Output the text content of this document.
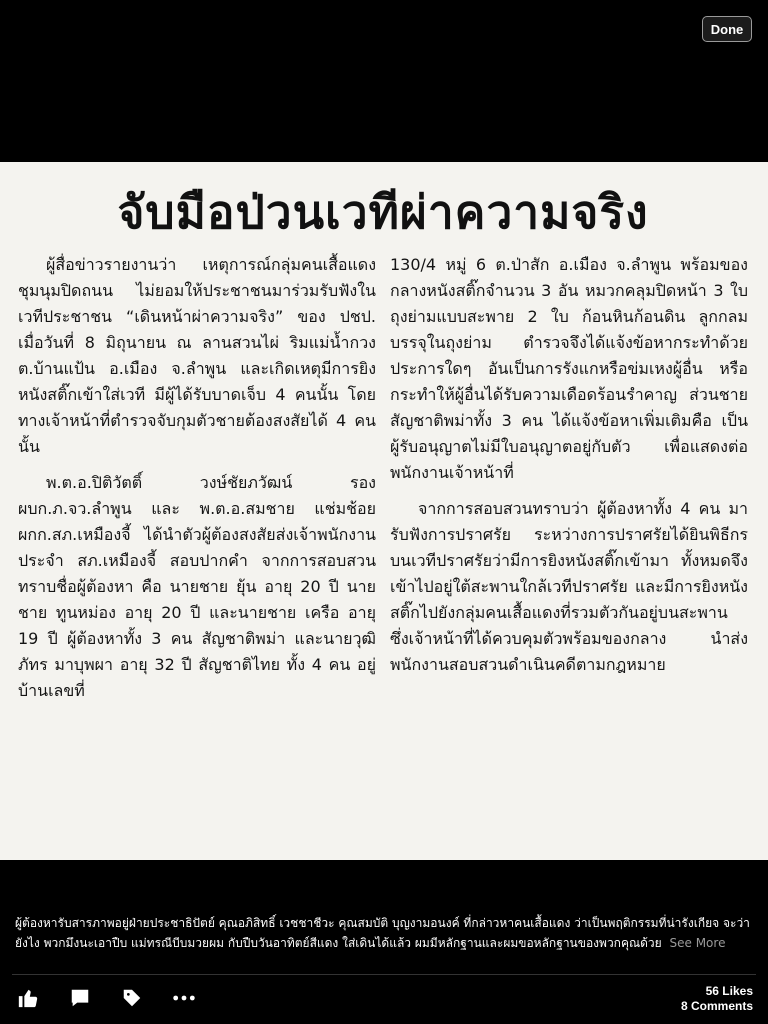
Done
จับมือป่วนเวทีผ่าความจริง

ผู้สื่อข่าวรายงานว่า เหตุการณ์กลุ่มคนเสื้อแดงชุมนุมปิดถนน ไม่ยอมให้ประชาชนมาร่วมรับฟังในเวทีประชาชน “เดินหน้าผ่าความจริง” ของ ปชป. เมื่อวันที่ 8 มิถุนายน ณ ลานสวนไผ่ ริมแม่น้ำกวง ต.บ้านแป้น อ.เมือง จ.ลำพูน และเกิดเหตุมีการยิงหนังสติ๊กเข้าใส่เวที มีผู้ได้รับบาดเจ็บ 4 คนนั้น โดยทางเจ้าหน้าที่ตำรวจจับกุมตัวชายต้องสงสัยได้ 4 คน นั้น

พ.ต.อ.ปิติวัตติ์ วงษ์ชัยภวัฒน์ รอง ผบก.ภ.จว.ลำพูน และ พ.ต.อ.สมชาย แช่มช้อย ผกก.สภ.เหมืองจี้ ได้นำตัวผู้ต้องสงสัยส่งเจ้าพนักงานประจำ สภ.เหมืองจี้ สอบปากคำ จากการสอบสวน ทราบชื่อผู้ต้องหา คือ นายชาย ยุ้น อายุ 20 ปี นายชาย ทูนหม่อง อายุ 20 ปี และนายชาย เครือ อายุ 19 ปี ผู้ต้องหาทั้ง 3 คน สัญชาติพม่า และนายวุฒิภัทร มาบุพผา อายุ 32 ปี สัญชาติไทย ทั้ง 4 คน อยู่บ้านเลขที่

130/4 หมู่ 6 ต.ป่าสัก อ.เมือง จ.ลำพูน พร้อมของกลางหนังสติ๊กจำนวน 3 อัน หมวกคลุมปิดหน้า 3 ใบ ถุงย่ามแบบสะพาย 2 ใบ ก้อนหินก้อนดิน ลูกกลม บรรจุในถุงย่าม ตำรวจจึงได้แจ้งข้อหากระทำด้วยประการใดๆ อันเป็นการรังแกหรือข่มเหงผู้อื่น หรือกระทำให้ผู้อื่นได้รับความเดือดร้อนรำคาญ ส่วนชายสัญชาติพม่าทั้ง 3 คน ได้แจ้งข้อหาเพิ่มเติมคือ เป็นผู้รับอนุญาตไม่มีใบอนุญาตอยู่กับตัว เพื่อแสดงต่อพนักงานเจ้าหน้าที่

จากการสอบสวนทราบว่า ผู้ต้องหาทั้ง 4 คน มารับฟังการปราศรัย ระหว่างการปราศรัยได้ยินพิธีกรบนเวทีปราศรัยว่ามีการยิงหนังสติ๊กเข้ามา ทั้งหมดจึงเข้าไปอยู่ใต้สะพานใกล้เวทีปราศรัย และมีการยิงหนังสติ๊กไปยังกลุ่มคนเสื้อแดงที่รวมตัวกันอยู่บนสะพาน ซึ่งเจ้าหน้าที่ได้ควบคุมตัวพร้อมของกลาง นำส่งพนักงานสอบสวนดำเนินคดีตามกฎหมาย

ผู้ต้องหารับสารภาพอยู่ฝ่ายประชาธิปัตย์ คุณอภิสิทธิ์ เวชชาชีวะ คุณสมบัติ บุญงามอนงค์ ที่กล่าวหาคนเสื้อแดง ว่าเป็นพฤติกรรมที่น่ารังเกียจ จะว่ายังไง พวกมึงนะเอาปืบ แม่ทรณีบีบมวยผม กับปืบวันอาทิตย์สีแดง ใส่เดินได้แล้ว ผมมีหลักฐานและผมขอหลักฐานของพวกคุณด้วย See More
56 Likes
8 Comments
